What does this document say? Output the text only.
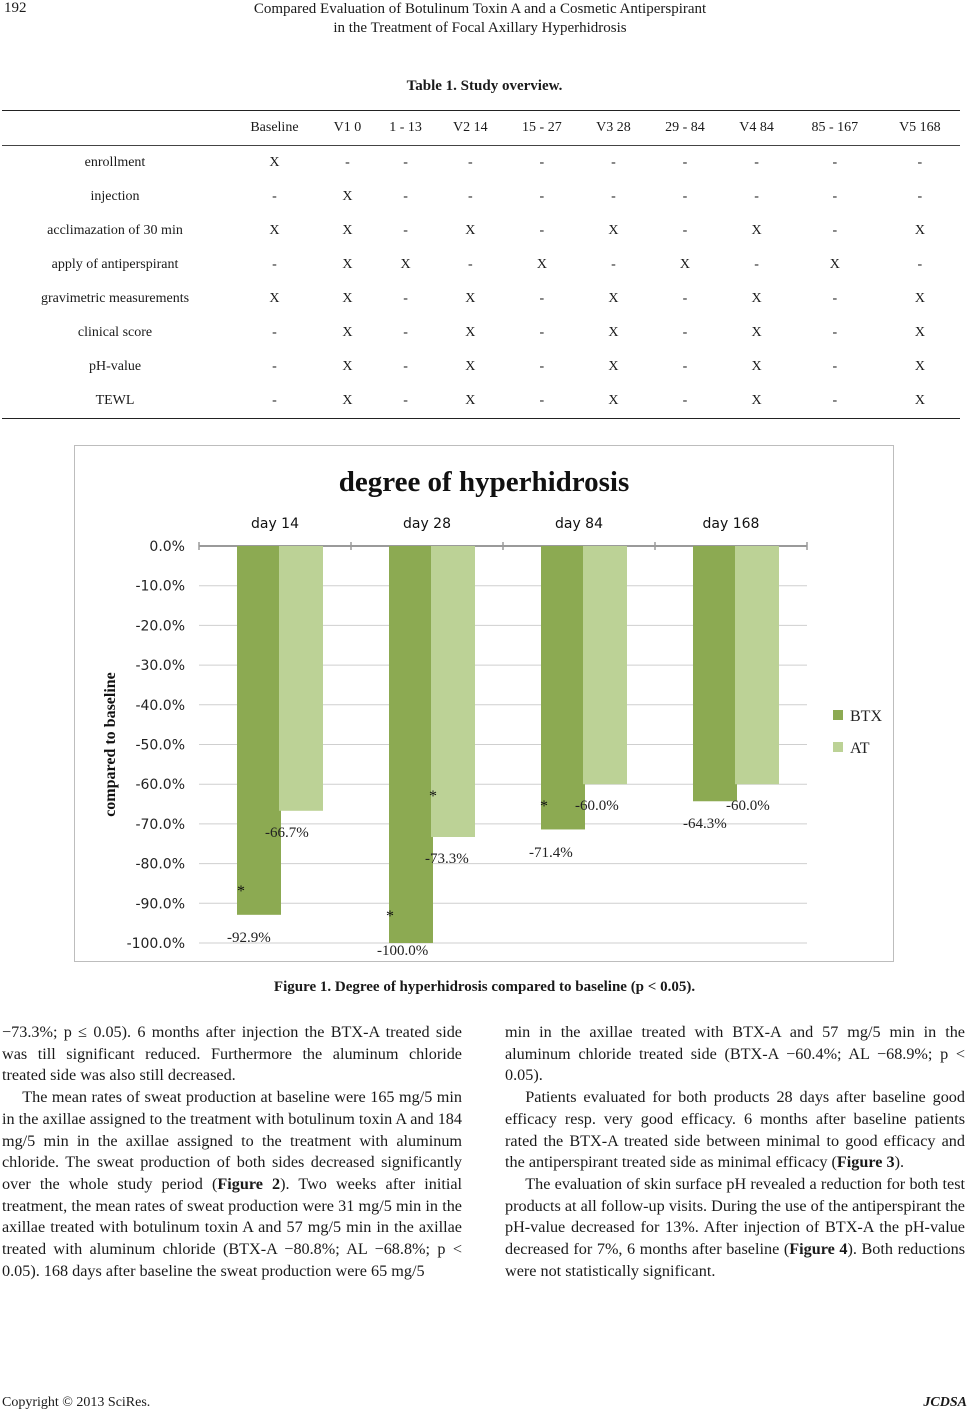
192	Compared Evaluation of Botulinum Toxin A and a Cosmetic Antiperspirant
in the Treatment of Focal Axillary Hyperhidrosis
Table 1. Study overview.
	Baseline	V1 0	1 - 13	V2 14	15 - 27	V3 28	29 - 84	V4 84	85 - 167	V5 168
enrollment	X	-	-	-	-	-	-	-	-	-
injection	-	X	-	-	-	-	-	-	-	-
acclimazation of 30 min	X	X	-	X	-	X	-	X	-	X
apply of antiperspirant	-	X	X	-	X	-	X	-	X	-
gravimetric measurements	X	X	-	X	-	X	-	X	-	X
clinical score	-	X	-	X	-	X	-	X	-	X
pH-value	-	X	-	X	-	X	-	X	-	X
TEWL	-	X	-	X	-	X	-	X	-	X
degree of hyperhidrosis
0.0%
-10.0%
-20.0%
-30.0%
-40.0%
-50.0%
-60.0%
-70.0%
-80.0%
-90.0%
-100.0%
compared to baseline
day 14	day 28	day 84	day 168
-92.9%
-100.0%
-71.4%
-64.3%
-66.7%
-73.3%
-60.0%	-60.0%
*
*
*
*
BTX
AT
Figure 1. Degree of hyperhidrosis compared to baseline (p < 0.05).

−73.3%; p ≤ 0.05). 6 months after injection the BTX-A treated side was till significant reduced. Furthermore the aluminum chloride treated side was also still decreased.

The mean rates of sweat production at baseline were 165 mg/5 min in the axillae assigned to the treatment with botulinum toxin A and 184 mg/5 min in the axillae assigned to the treatment with aluminum chloride. The sweat production of both sides decreased significantly over the whole study period (Figure 2). Two weeks after initial treatment, the mean rates of sweat production were 31 mg/5 min in the axillae treated with botulinum toxin A and 57 mg/5 min in the axillae treated with aluminum chloride (BTX-A −80.8%; AL −68.8%; p < 0.05). 168 days after baseline the sweat production were 65 mg/5

min in the axillae treated with BTX-A and 57 mg/5 min in the aluminum chloride treated side (BTX-A −60.4%; AL −68.9%; p < 0.05).

Patients evaluated for both products 28 days after baseline good efficacy resp. very good efficacy. 6 months after baseline patients rated the BTX-A treated side between minimal to good efficacy and the antiperspirant treated side as minimal efficacy (Figure 3).

The evaluation of skin surface pH revealed a reduction for both test products at all follow-up visits. During the use of the antiperspirant the pH-value decreased for 13%. After injection of BTX-A the pH-value decreased for 7%, 6 months after baseline (Figure 4). Both reductions were not statistically significant.

Copyright © 2013 SciRes.	JCDSA
